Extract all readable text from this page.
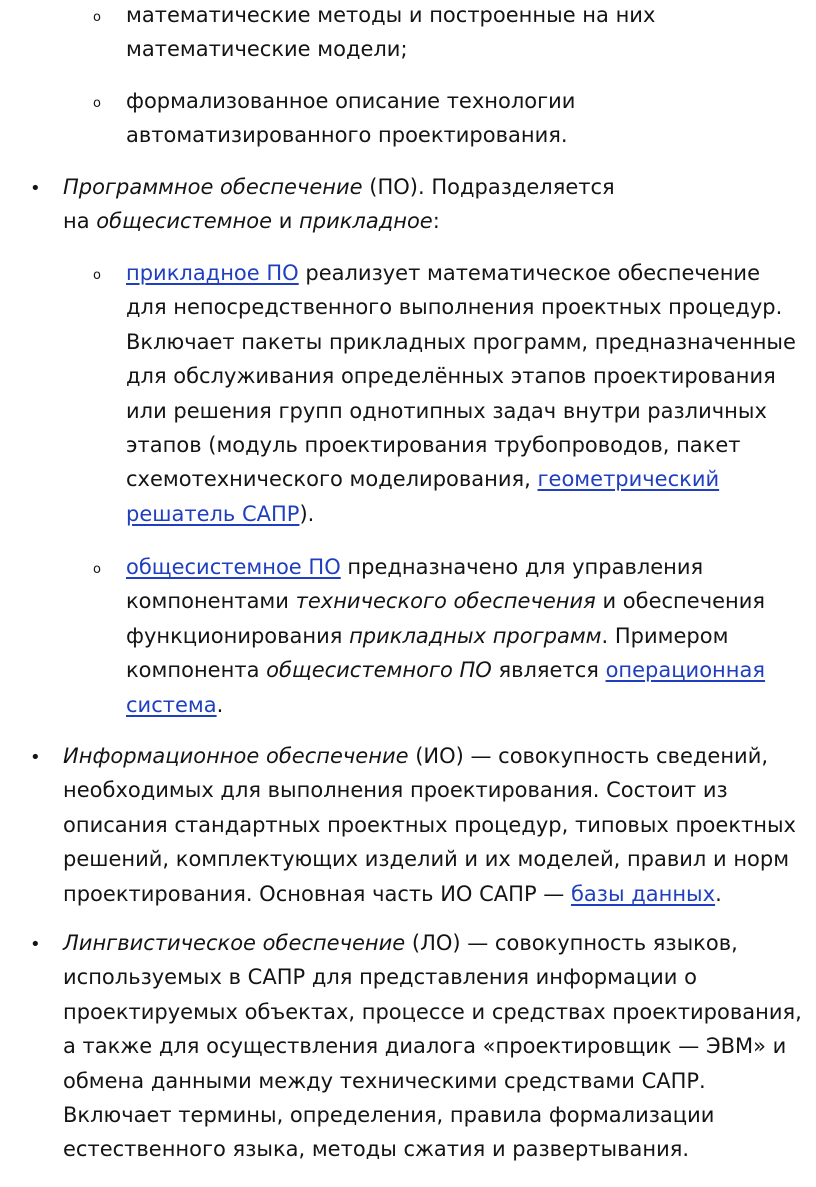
o математические методы и построенные на них математические модели;
o формализованное описание технологии автоматизированного проектирования.
• Программное обеспечение (ПО). Подразделяется
на общесистемное и прикладное:
o прикладное ПО реализует математическое обеспечение для непосредственного выполнения проектных процедур. Включает пакеты прикладных программ, предназначенные для обслуживания определённых этапов проектирования или решения групп однотипных задач внутри различных этапов (модуль проектирования трубопроводов, пакет схемотехнического моделирования, геометрический решатель САПР).
o общесистемное ПО предназначено для управления компонентами технического обеспечения и обеспечения функционирования прикладных программ. Примером компонента общесистемного ПО является операционная система.
• Информационное обеспечение (ИО) — совокупность сведений, необходимых для выполнения проектирования. Состоит из описания стандартных проектных процедур, типовых проектных решений, комплектующих изделий и их моделей, правил и норм проектирования. Основная часть ИО САПР — базы данных.
• Лингвистическое обеспечение (ЛО) — совокупность языков, используемых в САПР для представления информации о проектируемых объектах, процессе и средствах проектирования, а также для осуществления диалога «проектировщик — ЭВМ» и обмена данными между техническими средствами САПР. Включает термины, определения, правила формализации естественного языка, методы сжатия и развертывания.
